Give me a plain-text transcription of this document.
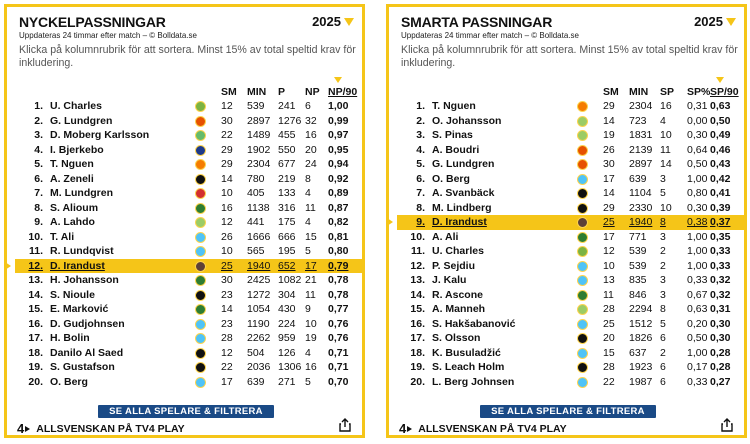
NYCKELPASSNINGAR	2025
Uppdateras 24 timmar efter match – © Bolldata.se
Klicka på kolumnrubrik för att sortera. Minst 15% av total speltid krav för inkludering.
SM MIN P NP NP/90
1. U. Charles	12 539 241 6 1,00
2. G. Lundgren	30 2897 1276 32 0,99
3. D. Moberg Karlsson	22 1489 455 16 0,97
4. I. Bjerkebo	29 1902 550 20 0,95
5. T. Nguen	29 2304 677 24 0,94
6. A. Zeneli	14 780 219 8 0,92
7. M. Lundgren	10 405 133 4 0,89
8. S. Alioum	16 1138 316 11 0,87
9. A. Lahdo	12 441 175 4 0,82
10. T. Ali	26 1666 666 15 0,81
11. R. Lundqvist	10 565 195 5 0,80
12. D. Irandust	25 1940 652 17 0,79
13. H. Johansson	30 2425 1082 21 0,78
14. S. Nioule	23 1272 304 11 0,78
15. E. Marković	14 1054 430 9 0,77
16. D. Gudjohnsen	23 1190 224 10 0,76
17. H. Bolin	28 2262 959 19 0,76
18. Danilo Al Saed	12 504 126 4 0,71
19. S. Gustafson	22 2036 1306 16 0,71
20. O. Berg	17 639 271 5 0,70
SE ALLA SPELARE & FILTRERA
4 ALLSVENSKAN PÅ TV4 PLAY
SMARTA PASSNINGAR	2025
Uppdateras 24 timmar efter match – © Bolldata.se
Klicka på kolumnrubrik för att sortera. Minst 15% av total speltid krav för inkludering.
SM MIN SP SP% SP/90
1. T. Nguen	29 2304 16 0,31 0,63
2. O. Johansson	14 723 4 0,00 0,50
3. S. Pinas	19 1831 10 0,30 0,49
4. A. Boudri	26 2139 11 0,64 0,46
5. G. Lundgren	30 2897 14 0,50 0,43
6. O. Berg	17 639 3 1,00 0,42
7. A. Svanbäck	14 1104 5 0,80 0,41
8. M. Lindberg	29 2330 10 0,30 0,39
9. D. Irandust	25 1940 8 0,38 0,37
10. A. Ali	17 771 3 1,00 0,35
11. U. Charles	12 539 2 1,00 0,33
12. P. Sejdiu	10 539 2 1,00 0,33
13. J. Kalu	13 835 3 0,33 0,32
14. R. Ascone	11 846 3 0,67 0,32
15. A. Manneh	28 2294 8 0,63 0,31
16. S. Hakšabanović	25 1512 5 0,20 0,30
17. S. Olsson	20 1826 6 0,50 0,30
18. K. Busuladžić	15 637 2 1,00 0,28
19. S. Leach Holm	28 1923 6 0,17 0,28
20. L. Berg Johnsen	22 1987 6 0,33 0,27
SE ALLA SPELARE & FILTRERA
4 ALLSVENSKAN PÅ TV4 PLAY
